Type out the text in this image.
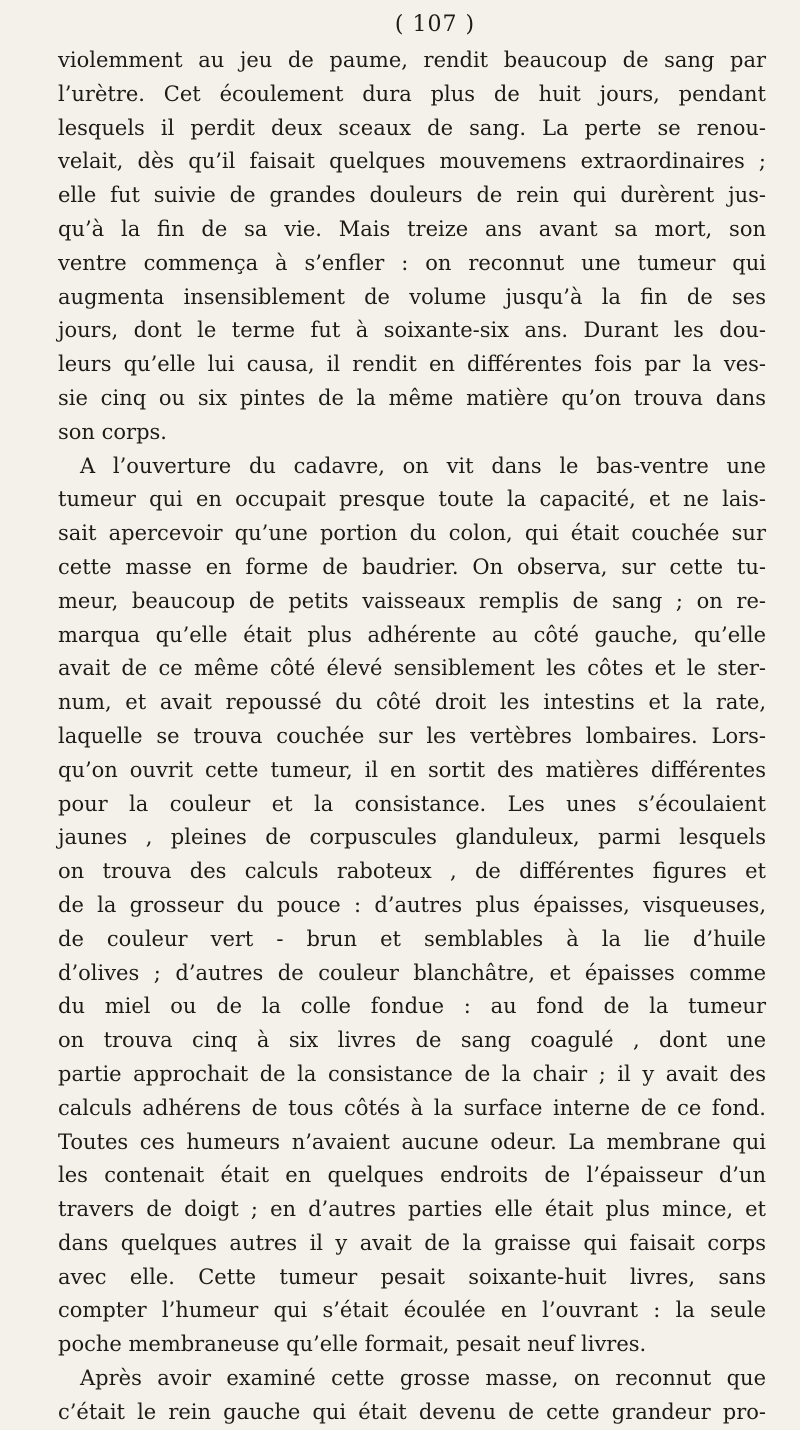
( 107 )
violemment au jeu de paume, rendit beaucoup de sang par
l’urètre. Cet écoulement dura plus de huit jours, pendant
lesquels il perdit deux sceaux de sang. La perte se renou-
velait, dès qu’il faisait quelques mouvemens extraordinaires ;
elle fut suivie de grandes douleurs de rein qui durèrent jus-
qu’à la fin de sa vie. Mais treize ans avant sa mort, son
ventre commença à s’enfler : on reconnut une tumeur qui
augmenta insensiblement de volume jusqu’à la fin de ses
jours, dont le terme fut à soixante-six ans. Durant les dou-
leurs qu’elle lui causa, il rendit en différentes fois par la ves-
sie cinq ou six pintes de la même matière qu’on trouva dans
son corps.
A l’ouverture du cadavre, on vit dans le bas-ventre une
tumeur qui en occupait presque toute la capacité, et ne lais-
sait apercevoir qu’une portion du colon, qui était couchée sur
cette masse en forme de baudrier. On observa, sur cette tu-
meur, beaucoup de petits vaisseaux remplis de sang ; on re-
marqua qu’elle était plus adhérente au côté gauche, qu’elle
avait de ce même côté élevé sensiblement les côtes et le ster-
num, et avait repoussé du côté droit les intestins et la rate,
laquelle se trouva couchée sur les vertèbres lombaires. Lors-
qu’on ouvrit cette tumeur, il en sortit des matières différentes
pour la couleur et la consistance. Les unes s’écoulaient
jaunes , pleines de corpuscules glanduleux, parmi lesquels
on trouva des calculs raboteux , de différentes figures et
de la grosseur du pouce : d’autres plus épaisses, visqueuses,
de couleur vert - brun et semblables à la lie d’huile
d’olives ; d’autres de couleur blanchâtre, et épaisses comme
du miel ou de la colle fondue : au fond de la tumeur
on trouva cinq à six livres de sang coagulé , dont une
partie approchait de la consistance de la chair ; il y avait des
calculs adhérens de tous côtés à la surface interne de ce fond.
Toutes ces humeurs n’avaient aucune odeur. La membrane qui
les contenait était en quelques endroits de l’épaisseur d’un
travers de doigt ; en d’autres parties elle était plus mince, et
dans quelques autres il y avait de la graisse qui faisait corps
avec elle. Cette tumeur pesait soixante-huit livres, sans
compter l’humeur qui s’était écoulée en l’ouvrant : la seule
poche membraneuse qu’elle formait, pesait neuf livres.
Après avoir examiné cette grosse masse, on reconnut que
c’était le rein gauche qui était devenu de cette grandeur pro-
